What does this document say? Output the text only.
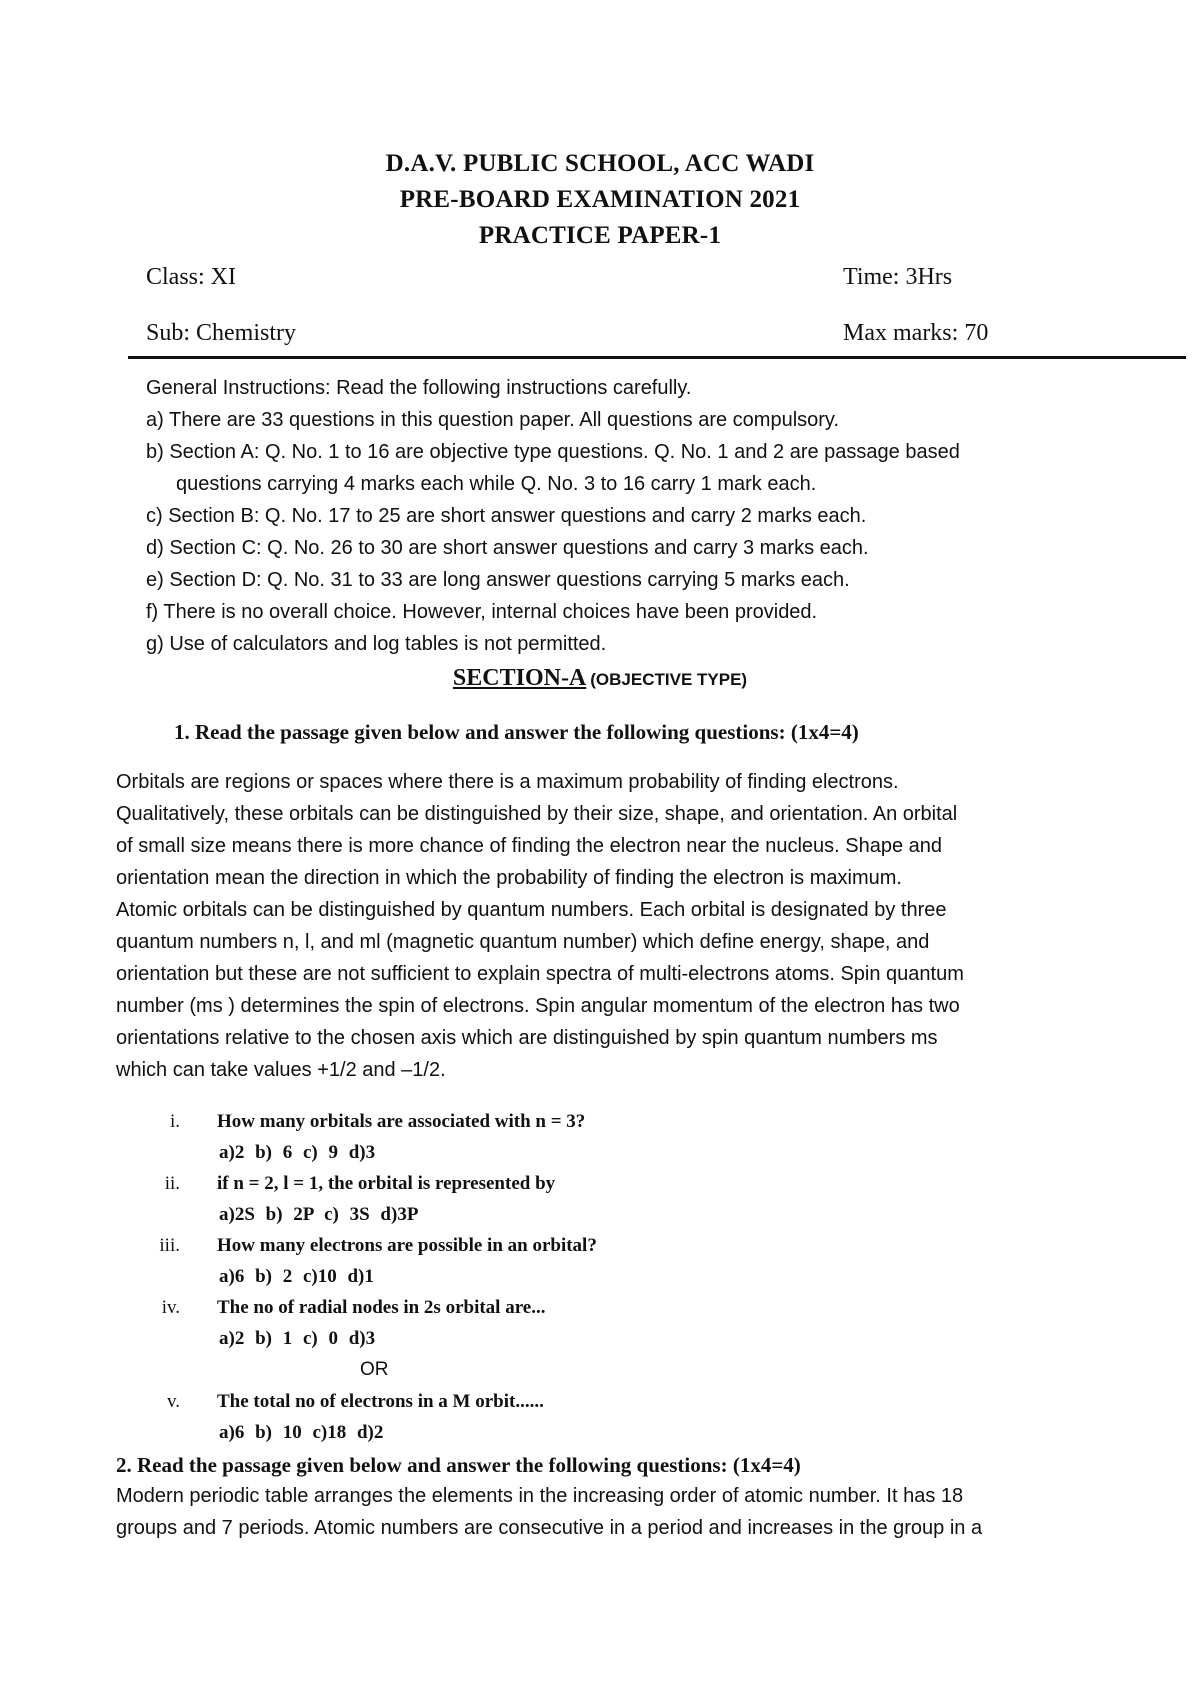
D.A.V. PUBLIC SCHOOL, ACC WADI
PRE-BOARD EXAMINATION 2021
PRACTICE PAPER-1
Class: XI	Time: 3Hrs
Sub: Chemistry	Max marks: 70
General Instructions: Read the following instructions carefully.
a) There are 33 questions in this question paper. All questions are compulsory.
b) Section A: Q. No. 1 to 16 are objective type questions. Q. No. 1 and 2 are passage based
questions carrying 4 marks each while Q. No. 3 to 16 carry 1 mark each.
c) Section B: Q. No. 17 to 25 are short answer questions and carry 2 marks each.
d) Section C: Q. No. 26 to 30 are short answer questions and carry 3 marks each.
e) Section D: Q. No. 31 to 33 are long answer questions carrying 5 marks each.
f) There is no overall choice. However, internal choices have been provided.
g) Use of calculators and log tables is not permitted.
SECTION-A (OBJECTIVE TYPE)
1. Read the passage given below and answer the following questions: (1x4=4)
Orbitals are regions or spaces where there is a maximum probability of finding electrons.
Qualitatively, these orbitals can be distinguished by their size, shape, and orientation. An orbital
of small size means there is more chance of finding the electron near the nucleus. Shape and
orientation mean the direction in which the probability of finding the electron is maximum.
Atomic orbitals can be distinguished by quantum numbers. Each orbital is designated by three
quantum numbers n, l, and ml (magnetic quantum number) which define energy, shape, and
orientation but these are not sufficient to explain spectra of multi-electrons atoms. Spin quantum
number (ms ) determines the spin of electrons. Spin angular momentum of the electron has two
orientations relative to the chosen axis which are distinguished by spin quantum numbers ms
which can take values +1/2 and –1/2.
i. How many orbitals are associated with n = 3?
a)2 b) 6 c) 9 d)3
ii. if n = 2, l = 1, the orbital is represented by
a)2S b) 2P c) 3S d)3P
iii. How many electrons are possible in an orbital?
a)6 b) 2 c)10 d)1
iv. The no of radial nodes in 2s orbital are...
a)2 b) 1 c) 0 d)3
OR
v. The total no of electrons in a M orbit......
a)6 b) 10 c)18 d)2
2. Read the passage given below and answer the following questions: (1x4=4)
Modern periodic table arranges the elements in the increasing order of atomic number. It has 18
groups and 7 periods. Atomic numbers are consecutive in a period and increases in the group in a
